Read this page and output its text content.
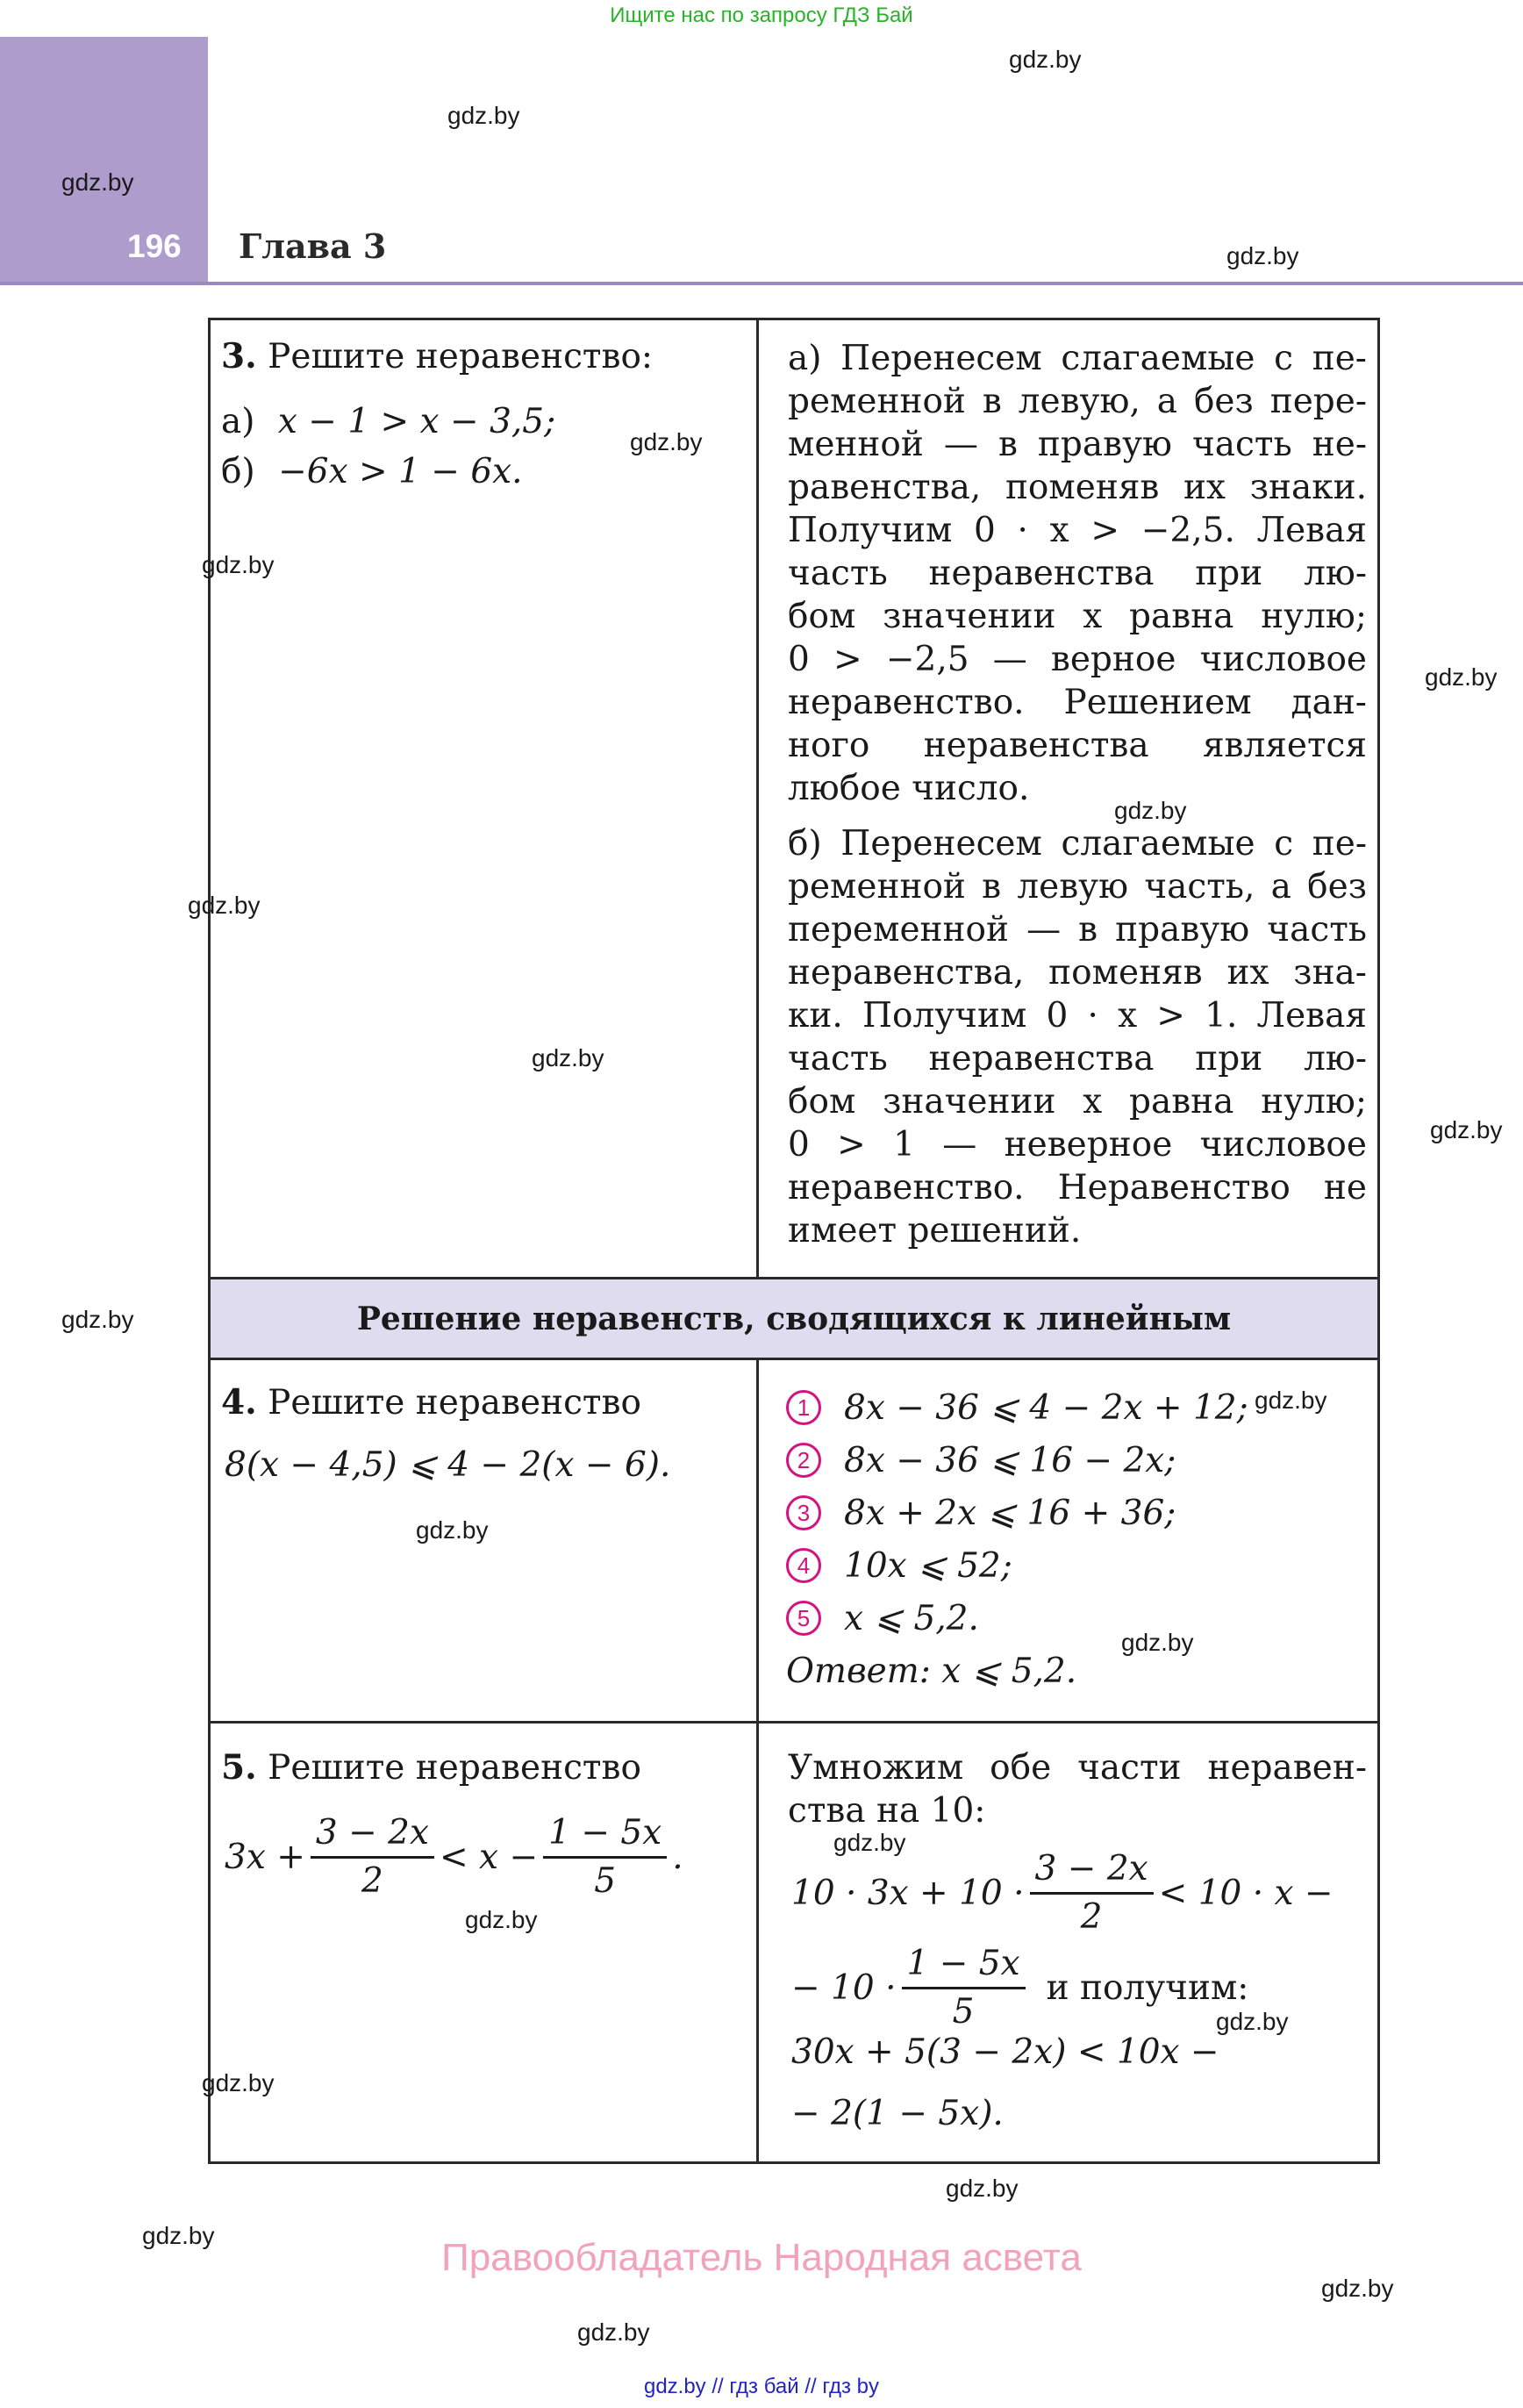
Ищите нас по запросу ГДЗ Бай
196 Глава 3
Решение неравенств, сводящихся к линейным
3. Решите неравенство:
а) x − 1 > x − 3,5;
б) −6x > 1 − 6x.
а) Перенесем слагаемые с пе-
ременной в левую, а без пере-
менной — в правую часть не-
равенства, поменяв их знаки.
Получим 0 · x > −2,5. Левая
часть неравенства при лю-
бом значении x равна нулю;
0 > −2,5 — верное числовое
неравенство. Решением дан-
ного неравенства является
любое число.
б) Перенесем слагаемые с пе-
ременной в левую часть, а без
переменной — в правую часть
неравенства, поменяв их зна-
ки. Получим 0 · x > 1. Левая
часть неравенства при лю-
бом значении x равна нулю;
0 > 1 — неверное числовое
неравенство. Неравенство не
имеет решений.
4. Решите неравенство
8(x − 4,5) ⩽ 4 − 2(x − 6).
1 8x − 36 ⩽ 4 − 2x + 12;
2 8x − 36 ⩽ 16 − 2x;
3 8x + 2x ⩽ 16 + 36;
4 10x ⩽ 52;
5 x ⩽ 5,2.
Ответ : x ⩽ 5,2.
5. Решите неравенство
$3x + \frac{3 - 2x}{2} < x - \frac{1 - 5x}{5}$ .
Умножим обе части неравен-
ства на 10:
$10 \cdot 3x + 10 \cdot \frac{3 - 2x}{2} < 10 \cdot x$ −
− $10 \cdot \frac{1 - 5x}{5}$ и получим:
30x + 5(3 − 2x) < 10x −
− 2(1 − 5x).
gdz.by
gdz.by
gdz.by
gdz.by
gdz.by
gdz.by
gdz.by
gdz.by
gdz.by
gdz.by
gdz.by
gdz.by
gdz.by
gdz.by
gdz.by
gdz.by
gdz.by
gdz.by
gdz.by
gdz.by
gdz.by
gdz.by
gdz.by
Правообладатель Народная асвета
gdz.by // гдз бай // гдз by
